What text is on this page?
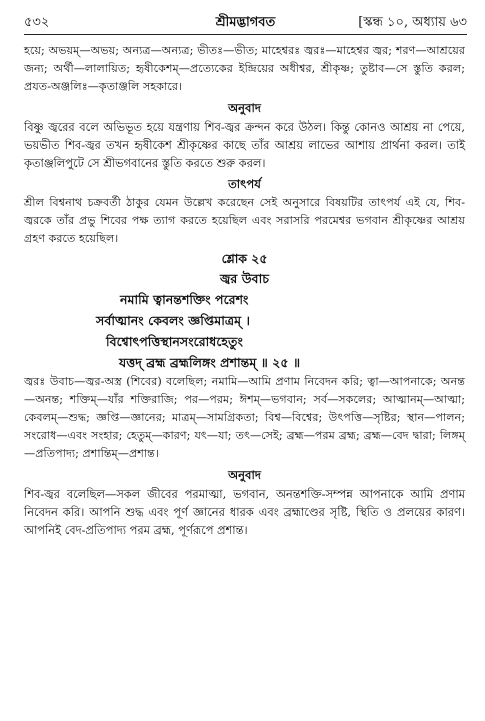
৫৩২	শ্রীমদ্ভাগবত	[স্কন্ধ ১০, অধ্যায় ৬৩

হয়ে; অভয়ম্‌—অভয়; অন্যত্র—অন্যত্র; ভীতঃ—ভীত; মাহেশ্বরঃ জ্বরঃ—মাহেশ্বর জ্বর; শরণ—আশ্রয়ের জন্য; অর্থী—লালায়িত; হৃষীকেশম্‌—প্রত্যেকের ইন্দ্রিয়ের অধীশ্বর, শ্রীকৃষ্ণ; তুষ্টাব—সে স্তুতি করল; প্রযত-অঞ্জলিঃ—কৃতাঞ্জলি সহকারে।

অনুবাদ

বিষ্ণু জ্বরের বলে অভিভূত হয়ে যন্ত্রণায় শিব-জ্বর ক্রন্দন করে উঠল। কিন্তু কোনও আশ্রয় না পেয়ে, ভয়ভীত শিব-জ্বর তখন হৃষীকেশ শ্রীকৃষ্ণের কাছে তাঁর আশ্রয় লাভের আশায় প্রার্থনা করল। তাই কৃতাঞ্জলিপুটে সে শ্রীভগবানের স্তুতি করতে শুরু করল।

তাৎপর্য

শ্রীল বিশ্বনাথ চক্রবর্তী ঠাকুর যেমন উল্লেখ করেছেন সেই অনুসারে বিষয়টির তাৎপর্য এই যে, শিব-জ্বরকে তাঁর প্রভু শিবের পক্ষ ত্যাগ করতে হয়েছিল এবং সরাসরি পরমেশ্বর ভগবান শ্রীকৃষ্ণের আশ্রয় গ্রহণ করতে হয়েছিল।

শ্লোক ২৫
জ্বর উবাচ
নমামি ত্বানন্তশক্তিং পরেশং
সর্বাত্মানং কেবলং জ্ঞপ্তিমাত্রম্‌ ।
বিশ্বোৎপত্তিস্থানসংরোধহেতুং
যত্তদ্‌ ব্রহ্ম ব্রহ্মলিঙ্গং প্রশান্তম্‌ ॥ ২৫ ॥

জ্বরঃ উবাচ—জ্বর-অস্ত্র (শিবের) বলেছিল; নমামি—আমি প্রণাম নিবেদন করি; ত্বা—আপনাকে; অনন্ত—অনন্ত; শক্তিম্‌—যাঁর শক্তিরাজি; পর—পরম; ঈশম্‌—ভগবান; সর্ব—সকলের; আত্মানম্‌—আত্মা; কেবলম্‌—শুদ্ধ; জ্ঞপ্তি—জ্ঞানের; মাত্রম্‌—সামগ্রিকতা; বিশ্ব—বিশ্বের; উৎপত্তি—সৃষ্টির; স্থান—পালন; সংরোধ—এবং সংহার; হেতুম্‌—কারণ; যৎ—যা; তৎ—সেই; ব্রহ্ম—পরম ব্রহ্ম; ব্রহ্ম—বেদ দ্বারা; লিঙ্গম্‌—প্রতিপাদ্য; প্রশান্তিম্‌—প্রশান্ত।

অনুবাদ

শিব-জ্বর বলেছিল—সকল জীবের পরমাত্মা, ভগবান, অনন্তশক্তি-সম্পন্ন আপনাকে আমি প্রণাম নিবেদন করি। আপনি শুদ্ধ এবং পূর্ণ জ্ঞানের ধারক এবং ব্রহ্মাণ্ডের সৃষ্টি, স্থিতি ও প্রলয়ের কারণ। আপনিই বেদ-প্রতিপাদ্য পরম ব্রহ্ম, পূর্ণরূপে প্রশান্ত।
